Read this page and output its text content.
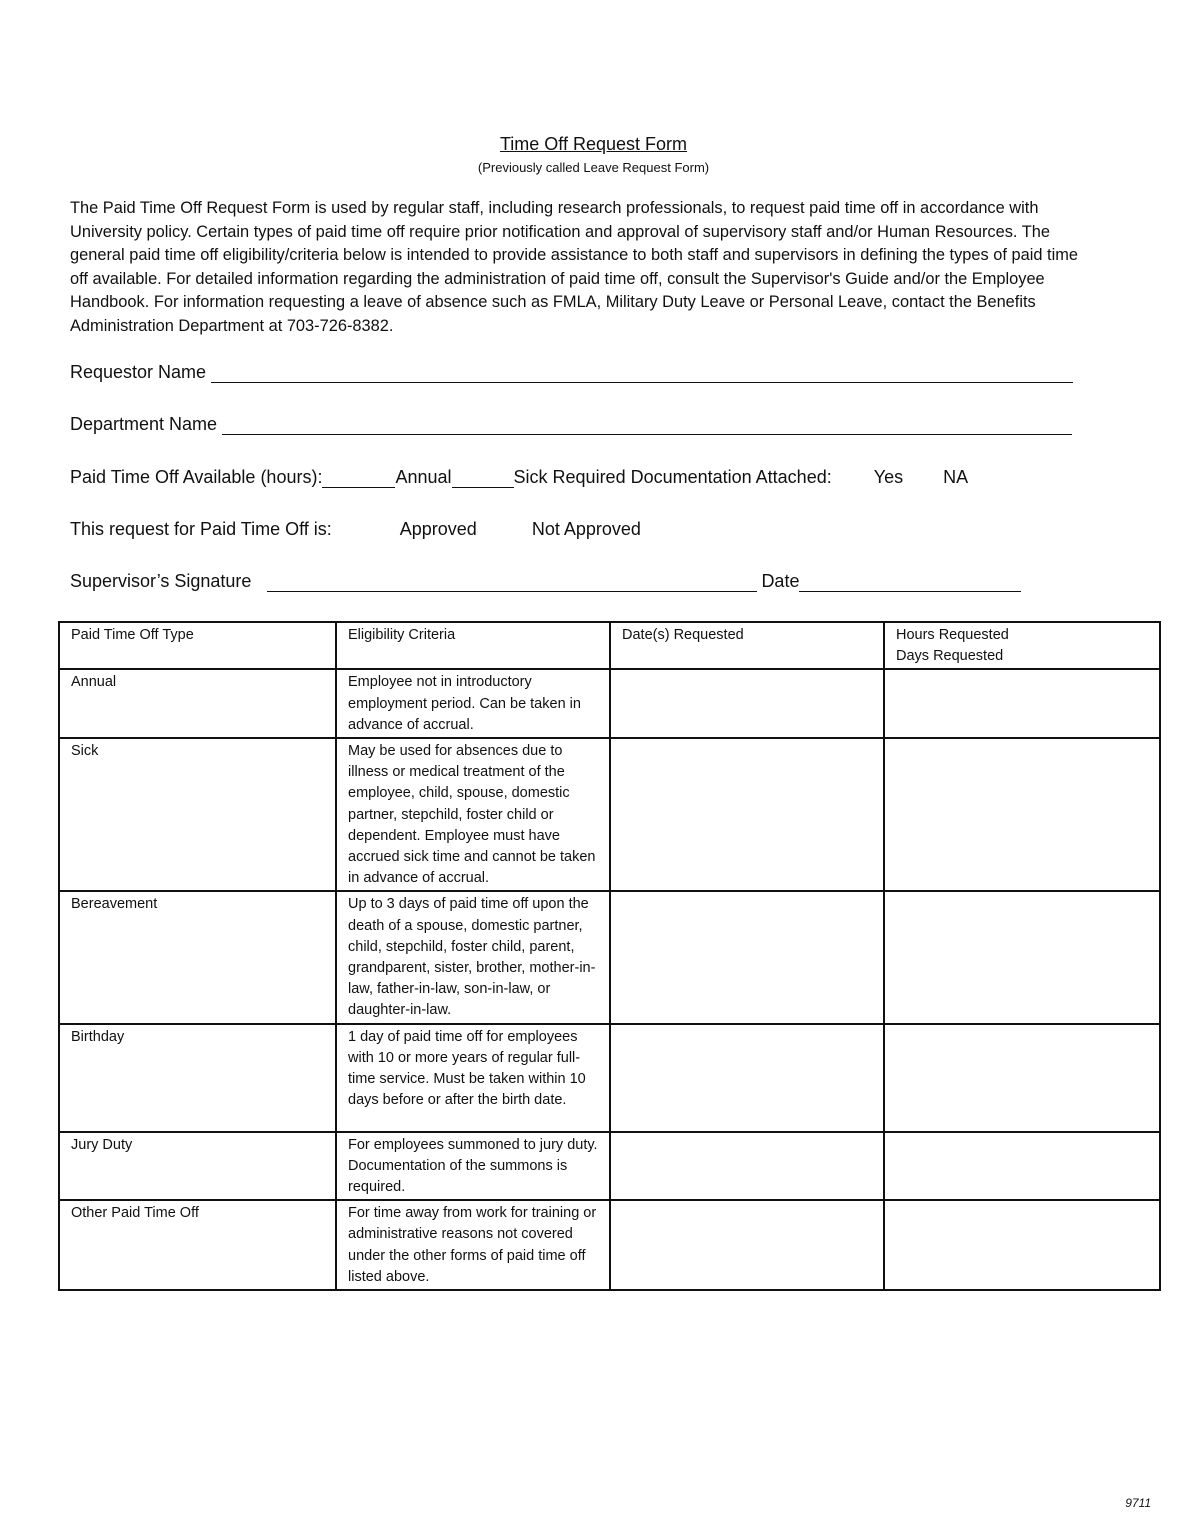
Time Off Request Form
(Previously called Leave Request Form)
The Paid Time Off Request Form is used by regular staff, including research professionals, to request paid time off in accordance with University policy. Certain types of paid time off require prior notification and approval of supervisory staff and/or Human Resources. The general paid time off eligibility/criteria below is intended to provide assistance to both staff and supervisors in defining the types of paid time off available. For detailed information regarding the administration of paid time off, consult the Supervisor's Guide and/or the Employee Handbook. For information requesting a leave of absence such as FMLA, Military Duty Leave or Personal Leave, contact the Benefits Administration Department at 703-726-8382.
Requestor Name
Department Name
Paid Time Off Available (hours):	Annual	Sick Required Documentation Attached: Yes NA
This request for Paid Time Off is:	Approved	Not Approved
Supervisor’s Signature	Date
Paid Time Off Type	Eligibility Criteria	Date(s) Requested	Hours Requested
Days Requested

Annual	Employee not in introductory employment period. Can be taken in advance of accrual.		
Sick	May be used for absences due to illness or medical treatment of the employee, child, spouse, domestic partner, stepchild, foster child or dependent. Employee must have accrued sick time and cannot be taken in advance of accrual.		
Bereavement	Up to 3 days of paid time off upon the death of a spouse, domestic partner, child, stepchild, foster child, parent, grandparent, sister, brother, mother-in-law, father-in-law, son-in-law, or daughter-in-law.		
Birthday	1 day of paid time off for employees with 10 or more years of regular full-time service. Must be taken within 10 days before or after the birth date.		
Jury Duty	For employees summoned to jury duty. Documentation of the summons is required.		
Other Paid Time Off	For time away from work for training or administrative reasons not covered under the other forms of paid time off listed above.		
9711
